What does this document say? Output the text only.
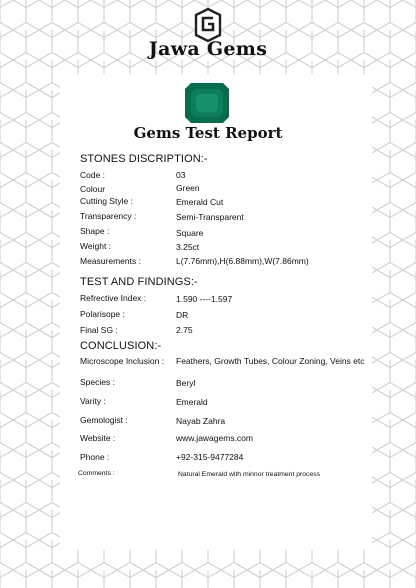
Jawa Gems
Gems Test Report
STONES DISCRIPTION:-
Code :	03
Colour	Green
Cutting Style :	Emerald Cut
Transparency :	Semi-Transparent
Shape :	Square
Weight :	3.25ct
Measurements :	L(7.76mm),H(6.88mm),W(7.86mm)
TEST AND FINDINGS:-
Refrective Index :	1.590 ----1.597
Polarisope :	DR
Final SG :	2.75
CONCLUSION:-
Microscope Inclusion : Feathers, Growth Tubes, Colour Zoning, Veins etc
Species :	Beryl
Varity :	Emerald
Gemologist :	Nayab Zahra
Website :	www.jawagems.com
Phone :	+92-315-9477284
Comments :	Natural Emerald with minnor treatment process
